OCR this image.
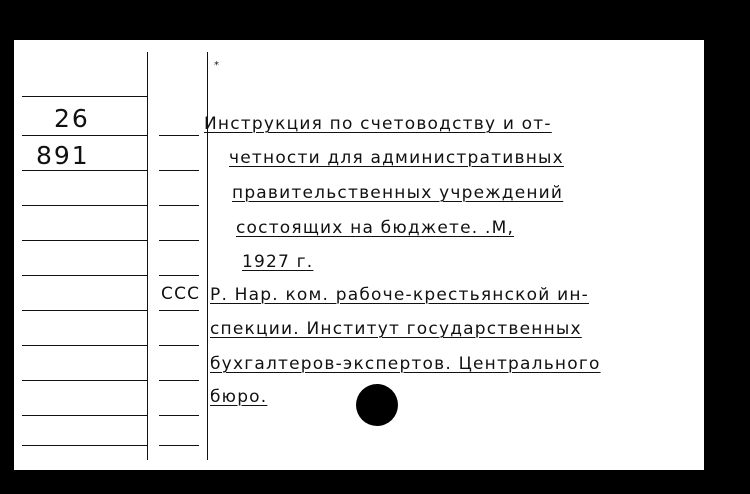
*
26
891
ССС
Инструкция по счетоводству и от-
четности для административных
правительственных учреждений
состоящих на бюджете. .М,
1927 г.
Р. Нар. ком. рабоче-крестьянской ин-
спекции. Институт государственных
бухгалтеров-экспертов. Центрального
бюро.
